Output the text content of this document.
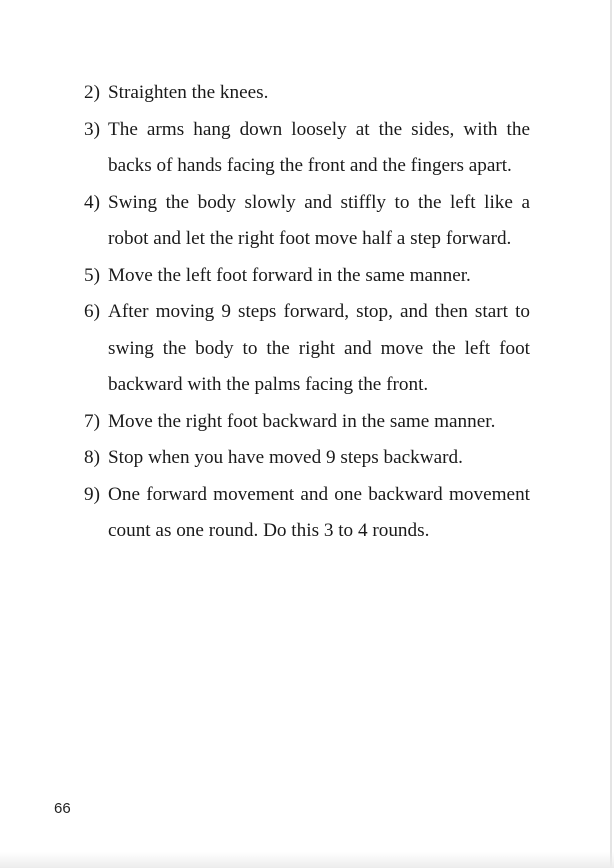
2) Straighten the knees.
3) The arms hang down loosely at the sides, with the backs of hands facing the front and the fingers apart.
4) Swing the body slowly and stiffly to the left like a robot and let the right foot move half a step forward.
5) Move the left foot forward in the same manner.
6) After moving 9 steps forward, stop, and then start to swing the body to the right and move the left foot backward with the palms facing the front.
7) Move the right foot backward in the same manner.
8) Stop when you have moved 9 steps backward.
9) One forward movement and one backward movement count as one round. Do this 3 to 4 rounds.
66
